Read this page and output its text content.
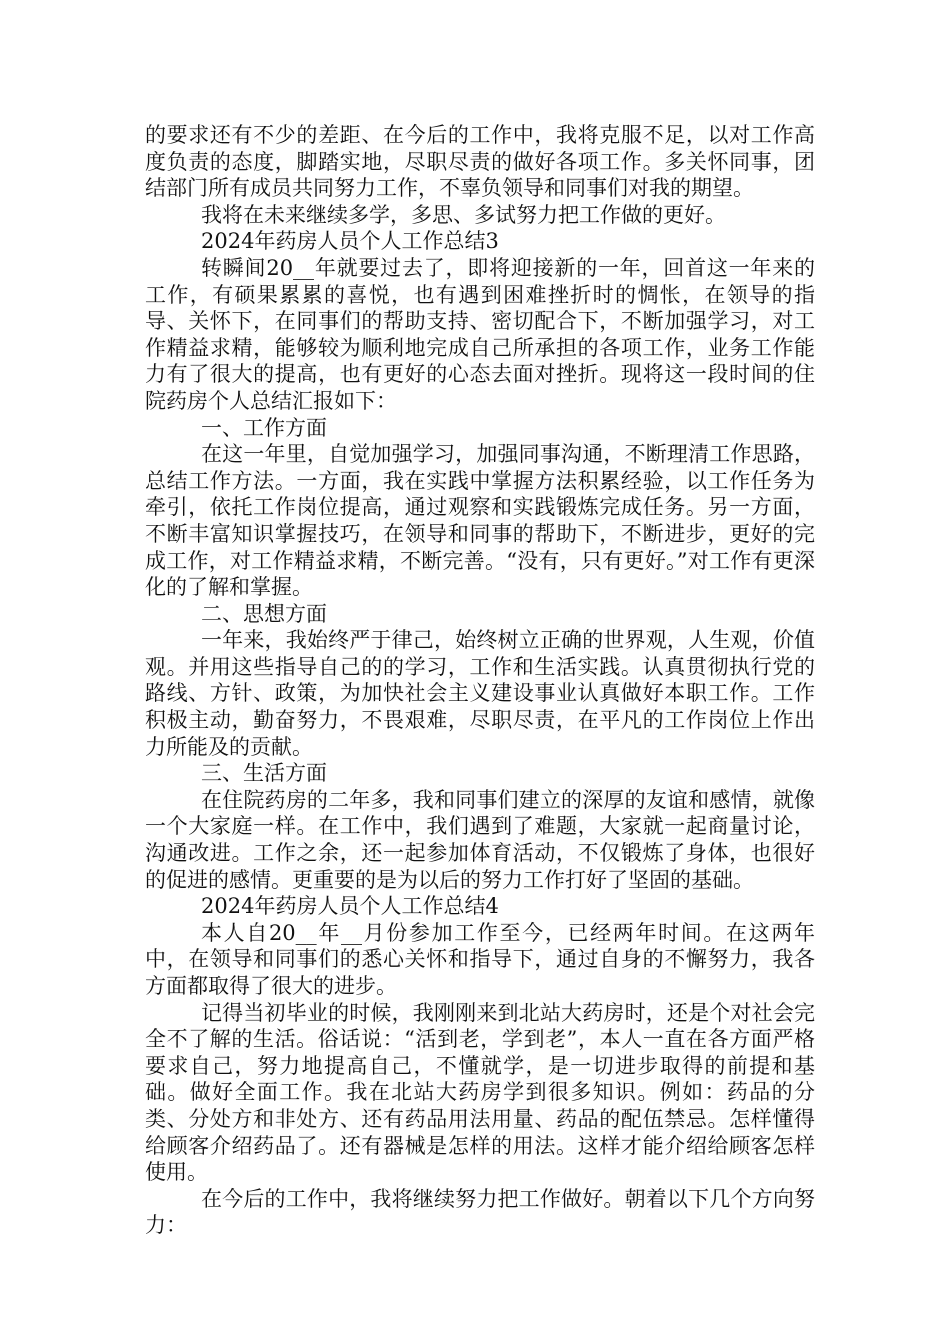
的要求还有不少的差距、在今后的工作中，我将克服不足，以对工作高度负责的态度，脚踏实地，尽职尽责的做好各项工作。多关怀同事，团结部门所有成员共同努力工作，不辜负领导和同事们对我的期望。

我将在未来继续多学，多思、多试努力把工作做的更好。

2024年药房人员个人工作总结3

转瞬间20__年就要过去了，即将迎接新的一年，回首这一年来的工作，有硕果累累的喜悦，也有遇到困难挫折时的惆怅，在领导的指导、关怀下，在同事们的帮助支持、密切配合下，不断加强学习，对工作精益求精，能够较为顺利地完成自己所承担的各项工作，业务工作能力有了很大的提高，也有更好的心态去面对挫折。现将这一段时间的住院药房个人总结汇报如下：

一、工作方面

在这一年里，自觉加强学习，加强同事沟通，不断理清工作思路，总结工作方法。一方面，我在实践中掌握方法积累经验，以工作任务为牵引，依托工作岗位提高，通过观察和实践锻炼完成任务。另一方面，不断丰富知识掌握技巧，在领导和同事的帮助下，不断进步，更好的完成工作，对工作精益求精，不断完善。“没有，只有更好。”对工作有更深化的了解和掌握。

二、思想方面

一年来，我始终严于律己，始终树立正确的世界观，人生观，价值观。并用这些指导自己的的学习，工作和生活实践。认真贯彻执行党的路线、方针、政策，为加快社会主义建设事业认真做好本职工作。工作积极主动，勤奋努力，不畏艰难，尽职尽责，在平凡的工作岗位上作出力所能及的贡献。

三、生活方面

在住院药房的二年多，我和同事们建立的深厚的友谊和感情，就像一个大家庭一样。在工作中，我们遇到了难题，大家就一起商量讨论，沟通改进。工作之余，还一起参加体育活动，不仅锻炼了身体，也很好的促进的感情。更重要的是为以后的努力工作打好了坚固的基础。

2024年药房人员个人工作总结4

本人自20__年__月份参加工作至今，已经两年时间。在这两年中，在领导和同事们的悉心关怀和指导下，通过自身的不懈努力，我各方面都取得了很大的进步。

记得当初毕业的时候，我刚刚来到北站大药房时，还是个对社会完全不了解的生活。俗话说：“活到老，学到老”，本人一直在各方面严格要求自己，努力地提高自己，不懂就学，是一切进步取得的前提和基础。做好全面工作。我在北站大药房学到很多知识。例如：药品的分类、分处方和非处方、还有药品用法用量、药品的配伍禁忌。怎样懂得给顾客介绍药品了。还有器械是怎样的用法。这样才能介绍给顾客怎样使用。

在今后的工作中，我将继续努力把工作做好。朝着以下几个方向努力：
